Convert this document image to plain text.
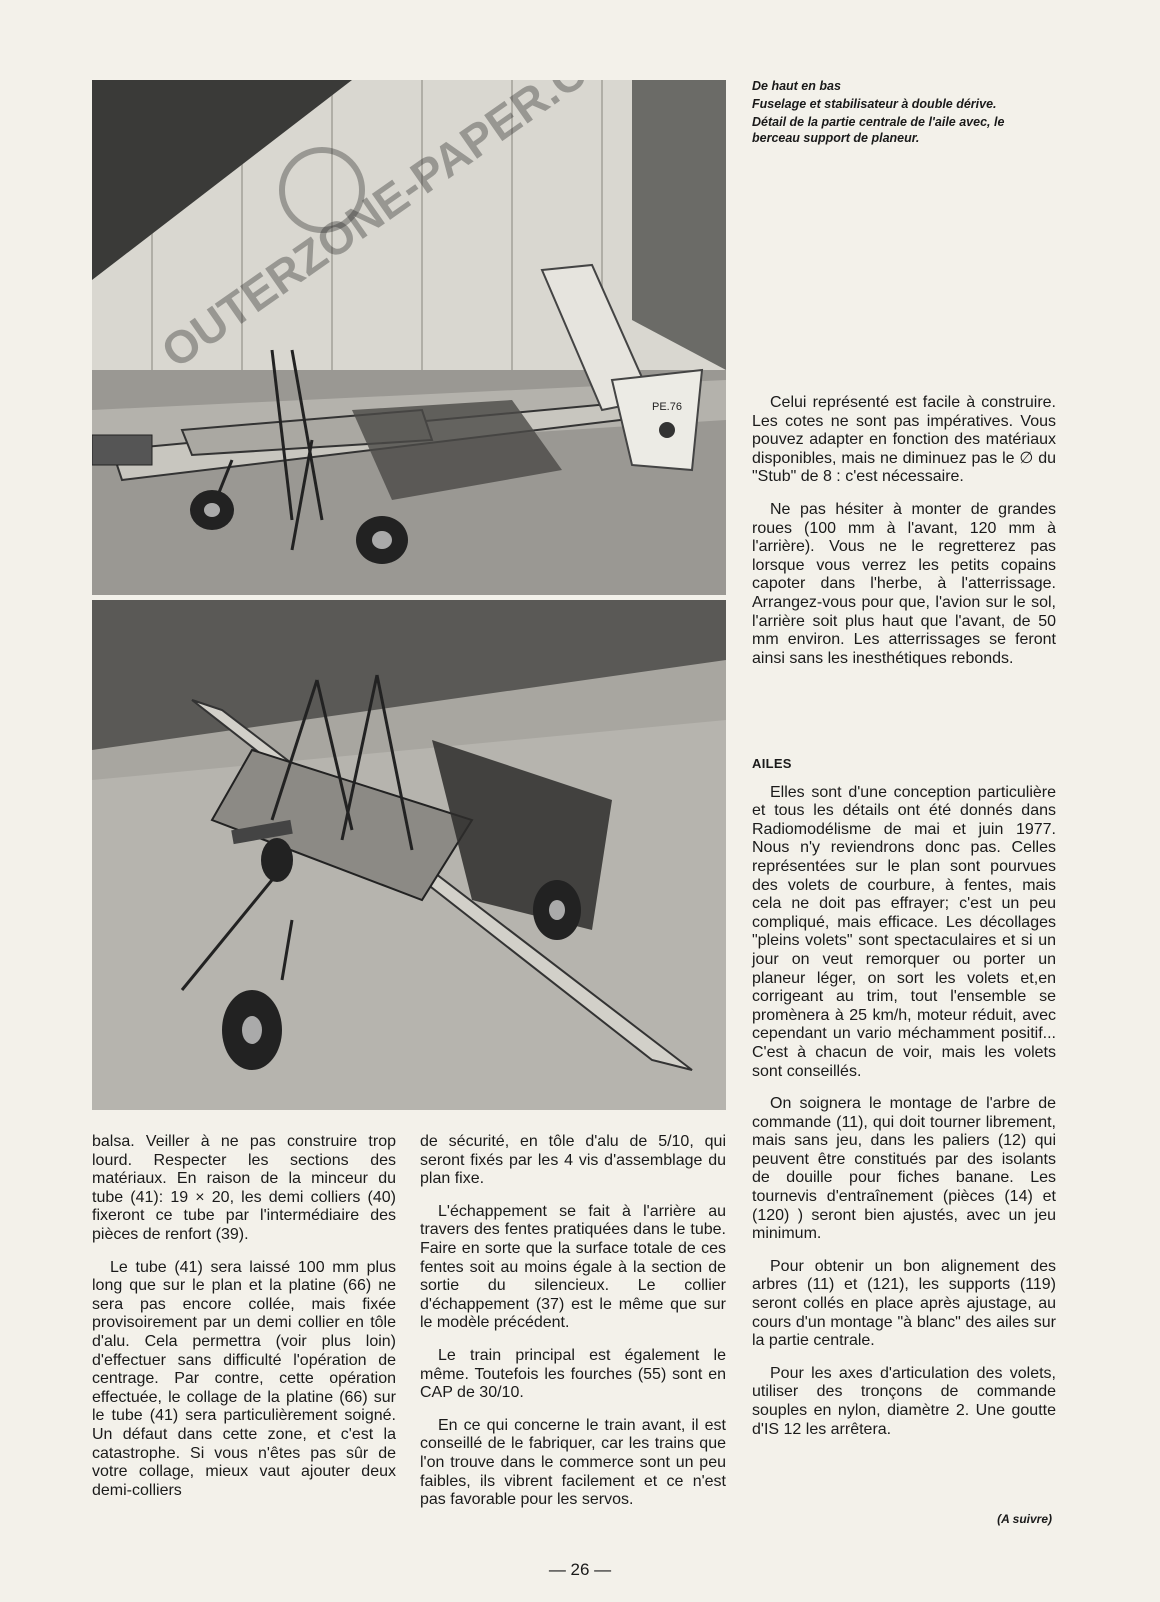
PE.76

De haut en bas

Fuselage et stabilisateur à double dérive.

Détail de la partie centrale de l'aile avec, le berceau support de planeur.

Celui représenté est facile à construire. Les cotes ne sont pas impératives. Vous pouvez adapter en fonction des matériaux disponibles, mais ne diminuez pas le ∅ du "Stub" de 8 : c'est nécessaire.

Ne pas hésiter à monter de grandes roues (100 mm à l'avant, 120 mm à l'arrière). Vous ne le regretterez pas lorsque vous verrez les petits copains capoter dans l'herbe, à l'atterrissage. Arrangez-vous pour que, l'avion sur le sol, l'arrière soit plus haut que l'avant, de 50 mm environ. Les atterrissages se feront ainsi sans les inesthétiques rebonds.

AILES

Elles sont d'une conception particulière et tous les détails ont été donnés dans Radiomodélisme de mai et juin 1977. Nous n'y reviendrons donc pas. Celles représentées sur le plan sont pourvues des volets de courbure, à fentes, mais cela ne doit pas effrayer; c'est un peu compliqué, mais efficace. Les décollages "pleins volets" sont spectaculaires et si un jour on veut remorquer ou porter un planeur léger, on sort les volets et,en corrigeant au trim, tout l'ensemble se promènera à 25 km/h, moteur réduit, avec cependant un vario méchamment positif... C'est à chacun de voir, mais les volets sont conseillés.

On soignera le montage de l'arbre de commande (11), qui doit tourner librement, mais sans jeu, dans les paliers (12) qui peuvent être constitués par des isolants de douille pour fiches banane. Les tournevis d'entraînement (pièces (14) et (120) ) seront bien ajustés, avec un jeu minimum.

Pour obtenir un bon alignement des arbres (11) et (121), les supports (119) seront collés en place après ajustage, au cours d'un montage "à blanc" des ailes sur la partie centrale.

Pour les axes d'articulation des volets, utiliser des tronçons de commande souples en nylon, diamètre 2. Une goutte d'IS 12 les arrêtera.

balsa. Veiller à ne pas construire trop lourd. Respecter les sections des matériaux. En raison de la minceur du tube (41): 19 × 20, les demi colliers (40) fixeront ce tube par l'intermédiaire des pièces de renfort (39).

Le tube (41) sera laissé 100 mm plus long que sur le plan et la platine (66) ne sera pas encore collée, mais fixée provisoirement par un demi collier en tôle d'alu. Cela permettra (voir plus loin) d'effectuer sans difficulté l'opération de centrage. Par contre, cette opération effectuée, le collage de la platine (66) sur le tube (41) sera particulièrement soigné. Un défaut dans cette zone, et c'est la catastrophe. Si vous n'êtes pas sûr de votre collage, mieux vaut ajouter deux demi-colliers

de sécurité, en tôle d'alu de 5/10, qui seront fixés par les 4 vis d'assemblage du plan fixe.

L'échappement se fait à l'arrière au travers des fentes pratiquées dans le tube. Faire en sorte que la surface totale de ces fentes soit au moins égale à la section de sortie du silencieux. Le collier d'échappement (37) est le même que sur le modèle précédent.

Le train principal est également le même. Toutefois les fourches (55) sont en CAP de 30/10.

En ce qui concerne le train avant, il est conseillé de le fabriquer, car les trains que l'on trouve dans le commerce sont un peu faibles, ils vibrent facilement et ce n'est pas favorable pour les servos.

(A suivre)
— 26 —
